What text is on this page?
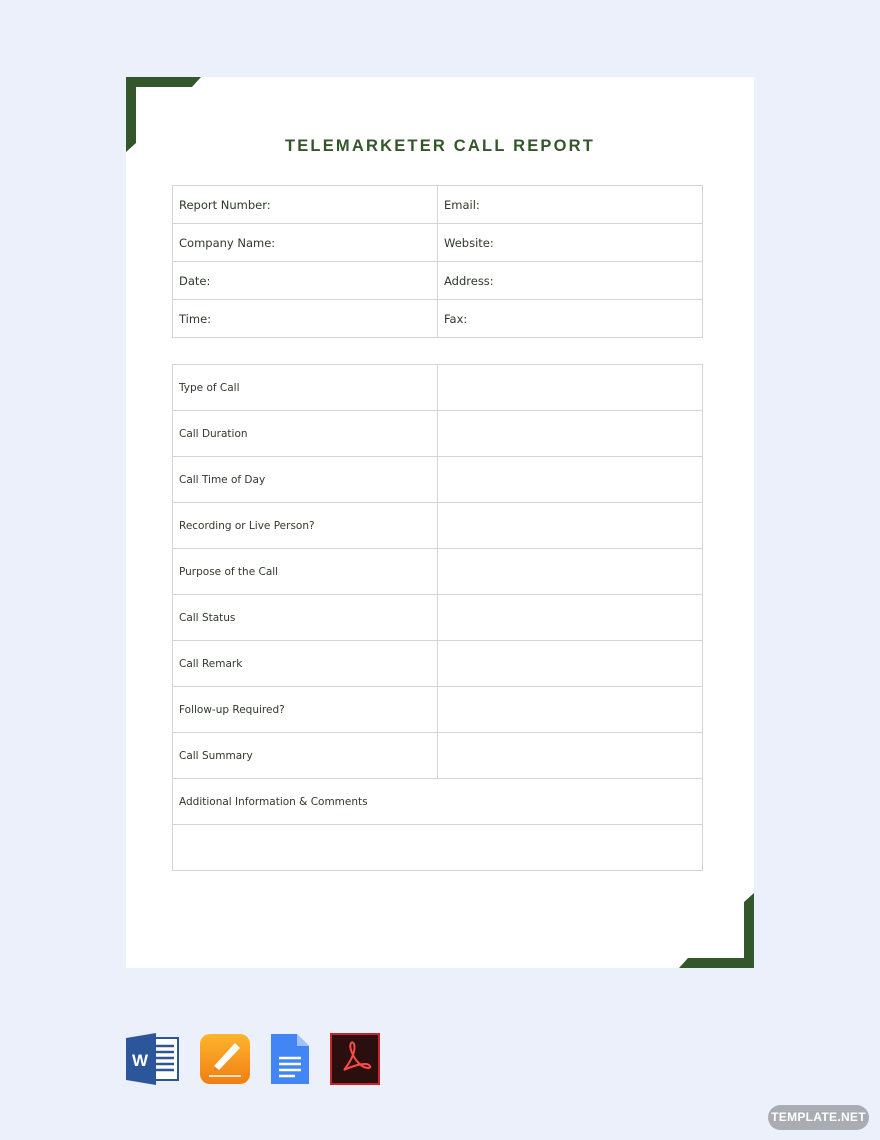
TELEMARKETER CALL REPORT
Report Number:	Email:
Company Name:	Website:
Date:	Address:
Time:	Fax:
Type of Call	
Call Duration	
Call Time of Day	
Recording or Live Person?	
Purpose of the Call	
Call Status	
Call Remark	
Follow-up Required?	
Call Summary	
Additional Information & Comments	

W
TEMPLATE.NET
